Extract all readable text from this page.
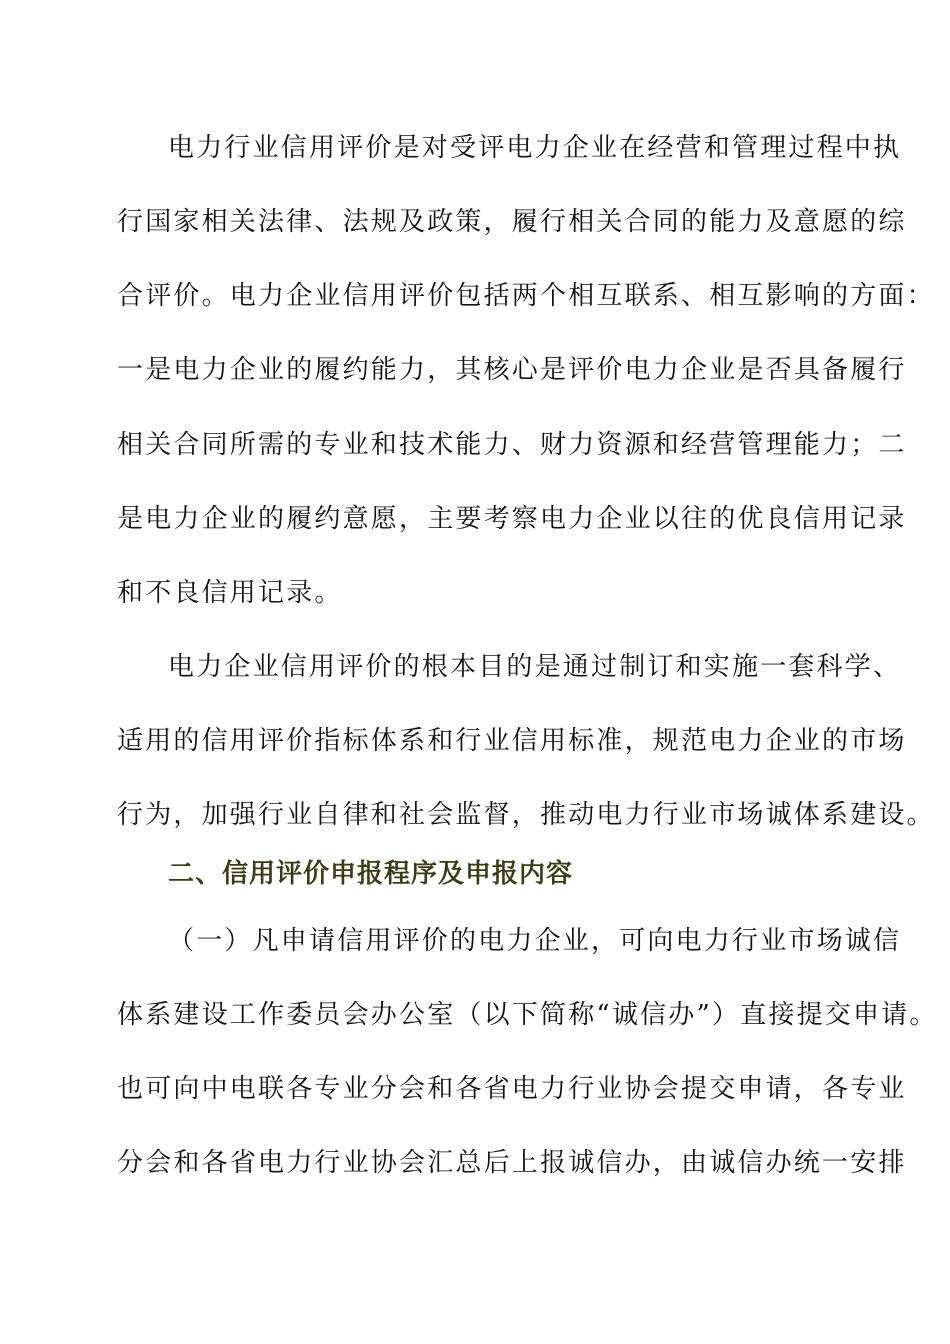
电力行业信用评价是对受评电力企业在经营和管理过程中执
行国家相关法律、法规及政策，履行相关合同的能力及意愿的综
合评价。电力企业信用评价包括两个相互联系、相互影响的方面：
一是电力企业的履约能力，其核心是评价电力企业是否具备履行
相关合同所需的专业和技术能力、财力资源和经营管理能力；二
是电力企业的履约意愿，主要考察电力企业以往的优良信用记录
和不良信用记录。
电力企业信用评价的根本目的是通过制订和实施一套科学、
适用的信用评价指标体系和行业信用标准，规范电力企业的市场
行为，加强行业自律和社会监督，推动电力行业市场诚体系建设。
二、信用评价申报程序及申报内容
（一）凡申请信用评价的电力企业，可向电力行业市场诚信
体系建设工作委员会办公室（以下简称“诚信办”）直接提交申请。
也可向中电联各专业分会和各省电力行业协会提交申请，各专业
分会和各省电力行业协会汇总后上报诚信办，由诚信办统一安排
